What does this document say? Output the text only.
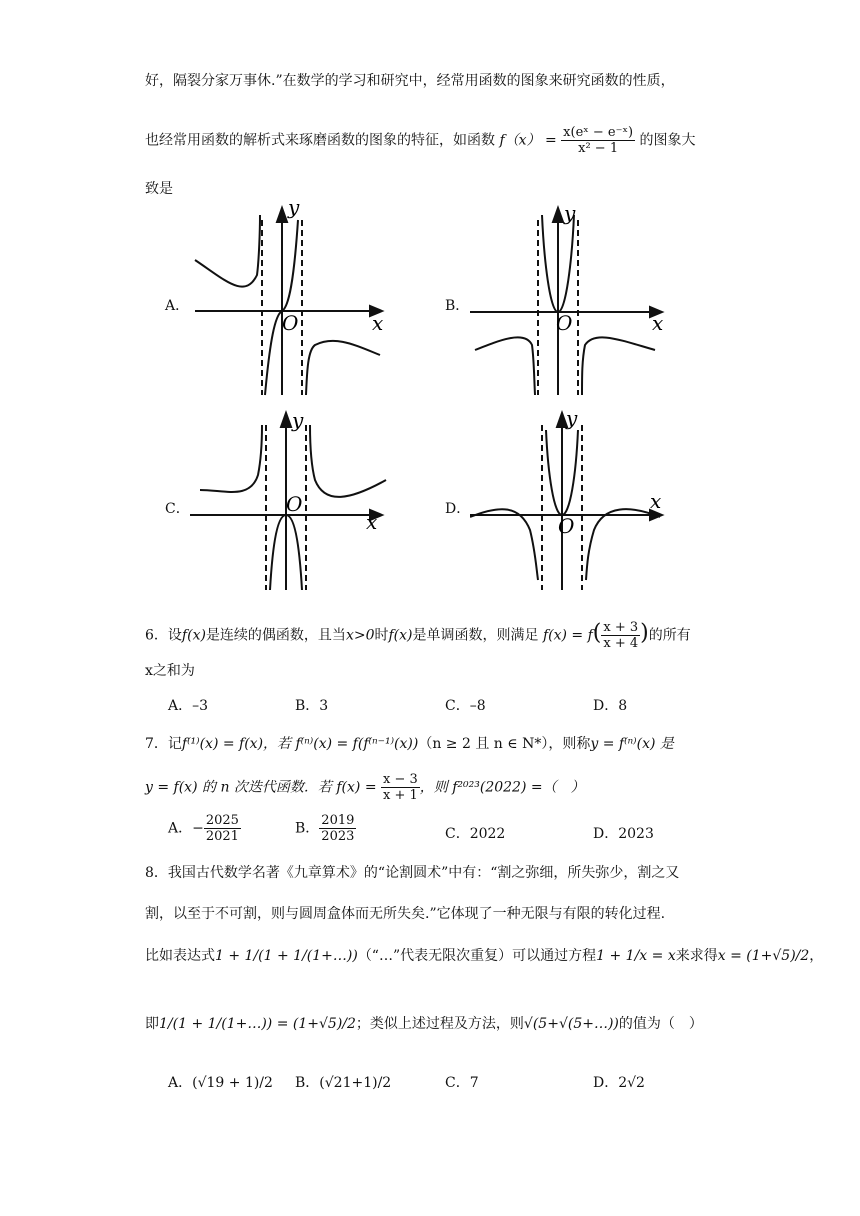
好，隔裂分家万事休.”在数学的学习和研究中，经常用函数的图象来研究函数的性质，
也经常用函数的解析式来琢磨函数的图象的特征，如函数 $f(x) = \frac{\text{x(eˣ − e⁻ˣ)}}{\text{x² − 1}}$ 的图象大
致是
A．	B．
C．	D．
y
x
O
y
x
O
y
x
O
y
x
O
6．设f(x)是连续的偶函数，且当x>0时f(x)是单调函数，则满足 $f(x) = f( \frac{x + 3}{x + 4}$ )的所有
x之和为
A．–3	B．3	C．–8	D．8
7．记f⁽¹⁾(x) = f(x)，若 f⁽ⁿ⁾(x) = f(f⁽ⁿ⁻¹⁾(x))（n ≥ 2 且 n ∈ N*），则称y = f⁽ⁿ⁾(x) 是
y = f(x) 的 n 次迭代函数．若 $f(x) = \frac{x - 3}{x + 1}$ ，则 f²⁰²³(2022) =（　）
A．− $\frac{2025}{2021}$	B． $\frac{2019}{2023}$	C．2022	D．2023
8．我国古代数学名著《九章算术》的“论割圆术”中有：“割之弥细，所失弥少，割之又
割，以至于不可割，则与圆周盒体而无所失矣.”它体现了一种无限与有限的转化过程.
比如表达式1 + 1/(1 + 1/(1+…))（“…”代表无限次重复）可以通过方程1 + 1/x = x来求得x = (1+√5)/2，
即1/(1 + 1/(1+…)) = (1+√5)/2；类似上述过程及方法，则√(5+√(5+…))的值为（　）
A．(√19 + 1)/2 B．(√21+1)/2	C．7	D．2√2
